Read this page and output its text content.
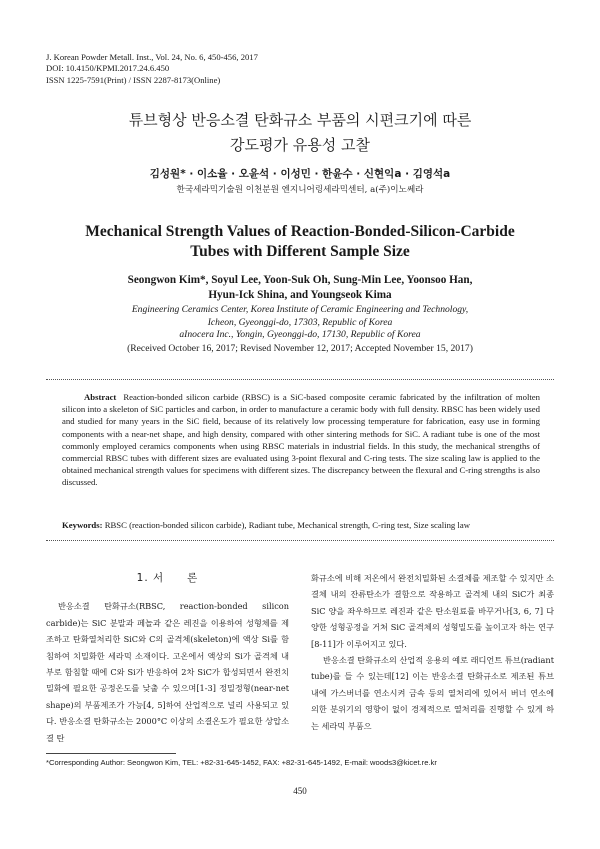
J. Korean Powder Metall. Inst., Vol. 24, No. 6, 450-456, 2017
DOI: 10.4150/KPMI.2017.24.6.450
ISSN 1225-7591(Print) / ISSN 2287-8173(Online)
튜브형상 반응소결 탄화규소 부품의 시편크기에 따른
강도평가 유용성 고찰
김성원* · 이소율 · 오윤석 · 이성민 · 한윤수 · 신현익a · 김영석a
한국세라믹기술원 이천분원 엔지니어링세라믹센터, a(주)이노쎄라
Mechanical Strength Values of Reaction-Bonded-Silicon-Carbide
Tubes with Different Sample Size
Seongwon Kim*, Soyul Lee, Yoon-Suk Oh, Sung-Min Lee, Yoonsoo Han,
Hyun-Ick Shina, and Youngseok Kima
Engineering Ceramics Center, Korea Institute of Ceramic Engineering and Technology,
Icheon, Gyeonggi-do, 17303, Republic of Korea
aInocera Inc., Yongin, Gyeonggi-do, 17130, Republic of Korea
(Received October 16, 2017; Revised November 12, 2017; Accepted November 15, 2017)
Abstract Reaction-bonded silicon carbide (RBSC) is a SiC-based composite ceramic fabricated by the infiltration of molten silicon into a skeleton of SiC particles and carbon, in order to manufacture a ceramic body with full density. RBSC has been widely used and studied for many years in the SiC field, because of its relatively low processing temperature for fabrication, easy use in forming components with a near-net shape, and high density, compared with other sintering methods for SiC. A radiant tube is one of the most commonly employed ceramics components when using RBSC materials in industrial fields. In this study, the mechanical strengths of commercial RBSC tubes with different sizes are evaluated using 3-point flexural and C-ring tests. The size scaling law is applied to the obtained mechanical strength values for specimens with different sizes. The discrepancy between the flexural and C-ring strengths is also discussed.
Keywords: RBSC (reaction-bonded silicon carbide), Radiant tube, Mechanical strength, C-ring test, Size scaling law
1. 서　　론
반응소결 탄화규소(RBSC, reaction-bonded silicon carbide)는 SiC 분말과 페놀과 같은 레진을 이용하여 성형체를 제조하고 탄화열처리한 SiC와 C의 골격체(skeleton)에 액상 Si를 함침하여 치밀화한 세라믹 소재이다. 고온에서 액상의 Si가 골격체 내부로 함침할 때에 C와 Si가 반응하여 2차 SiC가 합성되면서 완전치밀화에 필요한 공정온도를 낮출 수 있으며[1-3] 정밀정형(near-net shape)의 부품제조가 가능[4, 5]하여 산업적으로 널리 사용되고 있다. 반응소결 탄화규소는 2000°C 이상의 소결온도가 필요한 상압소결 탄
화규소에 비해 저온에서 완전치밀화된 소결체를 제조할 수 있지만 소결체 내의 잔류탄소가 결함으로 작용하고 골격체 내의 SiC가 최종 SiC 양을 좌우하므로 레진과 같은 탄소원료를 바꾸거나[3, 6, 7] 다양한 성형공정을 거쳐 SiC 골격체의 성형밀도를 높이고자 하는 연구[8-11]가 이루어지고 있다.
반응소결 탄화규소의 산업적 응용의 예로 래디언트 튜브(radiant tube)를 들 수 있는데[12] 이는 반응소결 탄화규소로 제조된 튜브 내에 가스버너를 연소시켜 금속 등의 열처리에 있어서 버너 연소에 의한 분위기의 영향이 없이 경제적으로 열처리를 진행할 수 있게 하는 세라믹 부품으
*Corresponding Author: Seongwon Kim, TEL: +82-31-645-1452, FAX: +82-31-645-1492, E-mail: woods3@kicet.re.kr
450
